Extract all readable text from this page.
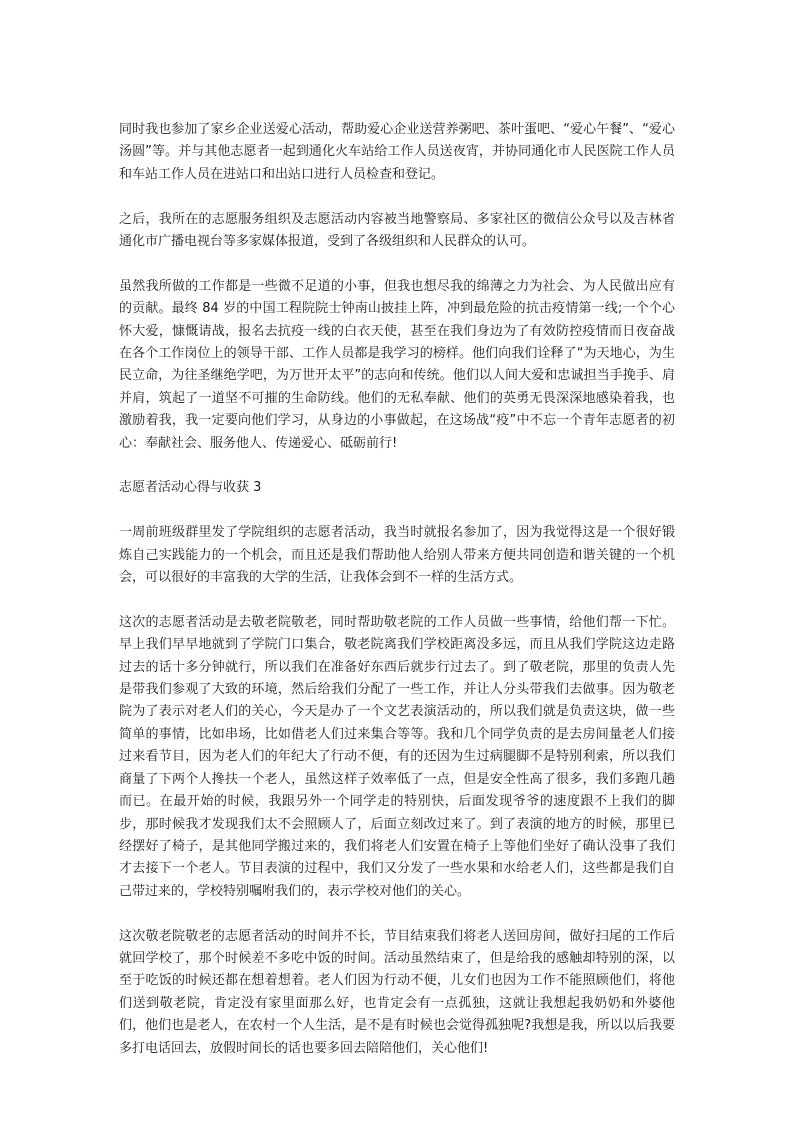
同时我也参加了家乡企业送爱心活动，帮助爱心企业送营养粥吧、茶叶蛋吧、“爱心午餐”、“爱心汤圆”等。并与其他志愿者一起到通化火车站给工作人员送夜宵，并协同通化市人民医院工作人员和车站工作人员在进站口和出站口进行人员检查和登记。

之后，我所在的志愿服务组织及志愿活动内容被当地警察局、多家社区的微信公众号以及吉林省通化市广播电视台等多家媒体报道，受到了各级组织和人民群众的认可。

虽然我所做的工作都是一些微不足道的小事，但我也想尽我的绵薄之力为社会、为人民做出应有的贡献。最终 84 岁的中国工程院院士钟南山披挂上阵，冲到最危险的抗击疫情第一线;一个个心怀大爱，慷慨请战，报名去抗疫一线的白衣天使，甚至在我们身边为了有效防控疫情而日夜奋战在各个工作岗位上的领导干部、工作人员都是我学习的榜样。他们向我们诠释了“为天地心，为生民立命，为往圣继绝学吧，为万世开太平”的志向和传统。他们以人间大爱和忠诚担当手挽手、肩并肩，筑起了一道坚不可摧的生命防线。他们的无私奉献、他们的英勇无畏深深地感染着我，也激励着我，我一定要向他们学习，从身边的小事做起，在这场战“疫”中不忘一个青年志愿者的初心：奉献社会、服务他人、传递爱心、砥砺前行!

志愿者活动心得与收获 3

一周前班级群里发了学院组织的志愿者活动，我当时就报名参加了，因为我觉得这是一个很好锻炼自己实践能力的一个机会，而且还是我们帮助他人给别人带来方便共同创造和谐关键的一个机会，可以很好的丰富我的大学的生活，让我体会到不一样的生活方式。

这次的志愿者活动是去敬老院敬老，同时帮助敬老院的工作人员做一些事情，给他们帮一下忙。早上我们早早地就到了学院门口集合，敬老院离我们学校距离没多远，而且从我们学院这边走路过去的话十多分钟就行，所以我们在准备好东西后就步行过去了。到了敬老院，那里的负责人先是带我们参观了大致的环境，然后给我们分配了一些工作，并让人分头带我们去做事。因为敬老院为了表示对老人们的关心，今天是办了一个文艺表演活动的，所以我们就是负责这块，做一些简单的事情，比如串场，比如借老人们过来集合等等。我和几个同学负责的是去房间量老人们接过来看节目，因为老人们的年纪大了行动不便，有的还因为生过病腿脚不是特别利索，所以我们商量了下两个人搀扶一个老人，虽然这样子效率低了一点，但是安全性高了很多，我们多跑几趟而已。在最开始的时候，我跟另外一个同学走的特别快，后面发现爷爷的速度跟不上我们的脚步，那时候我才发现我们太不会照顾人了，后面立刻改过来了。到了表演的地方的时候，那里已经摆好了椅子，是其他同学搬过来的，我们将老人们安置在椅子上等他们坐好了确认没事了我们才去接下一个老人。节目表演的过程中，我们又分发了一些水果和水给老人们，这些都是我们自己带过来的，学校特别嘱咐我们的，表示学校对他们的关心。

这次敬老院敬老的志愿者活动的时间并不长，节目结束我们将老人送回房间，做好扫尾的工作后就回学校了，那个时候差不多吃中饭的时间。活动虽然结束了，但是给我的感触却特别的深，以至于吃饭的时候还都在想着想着。老人们因为行动不便，儿女们也因为工作不能照顾他们，将他们送到敬老院，肯定没有家里面那么好，也肯定会有一点孤独，这就让我想起我奶奶和外婆他们，他们也是老人，在农村一个人生活，是不是有时候也会觉得孤独呢?我想是我，所以以后我要多打电话回去，放假时间长的话也要多回去陪陪他们，关心他们!
